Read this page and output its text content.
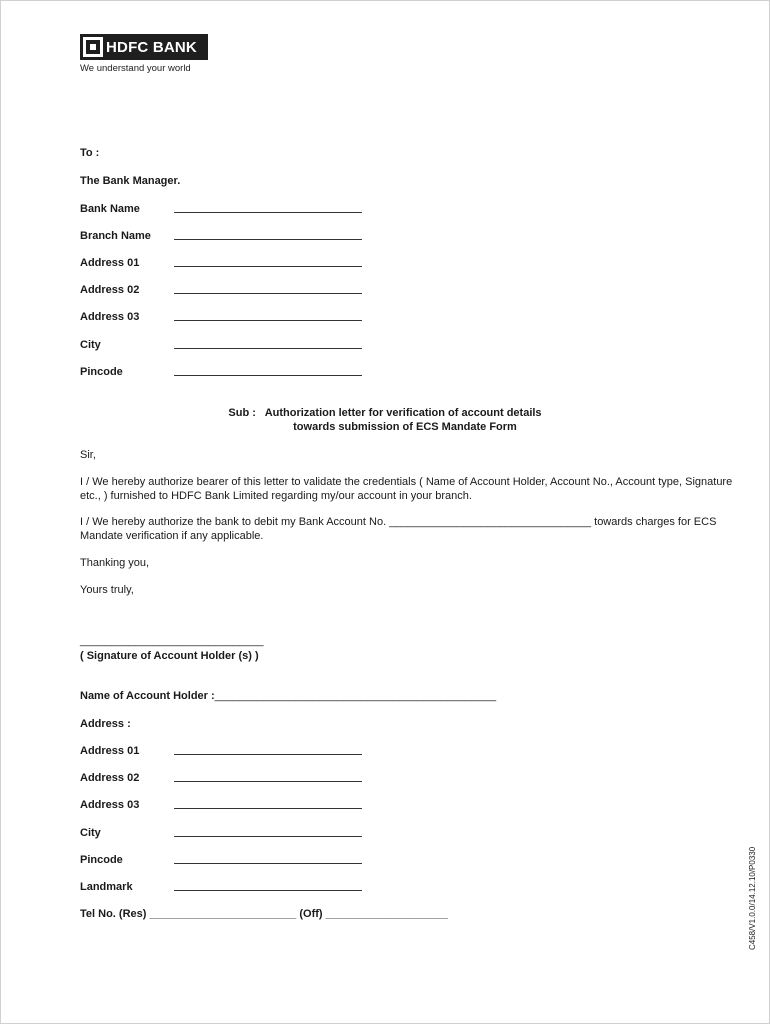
HDFC BANK
We understand your world
To :
The Bank Manager.
Bank Name
Branch Name
Address 01
Address 02
Address 03
City
Pincode
Sub : Authorization letter for verification of account details
towards submission of ECS Mandate Form
Sir,
I / We hereby authorize bearer of this letter to validate the credentials ( Name of Account Holder, Account No., Account type, Signature etc., ) furnished to HDFC Bank Limited regarding my/our account in your branch.
I / We hereby authorize the bank to debit my Bank Account No. _________________________________ towards charges for ECS Mandate verification if any applicable.
Thanking you,
Yours truly,
______________________________
( Signature of Account Holder (s) )
Name of Account Holder :______________________________________________
Address :
Address 01
Address 02
Address 03
City
Pincode
Landmark
Tel No. (Res) ________________________ (Off) ____________________	C458/V1.0.0/14.12.10/P0330
